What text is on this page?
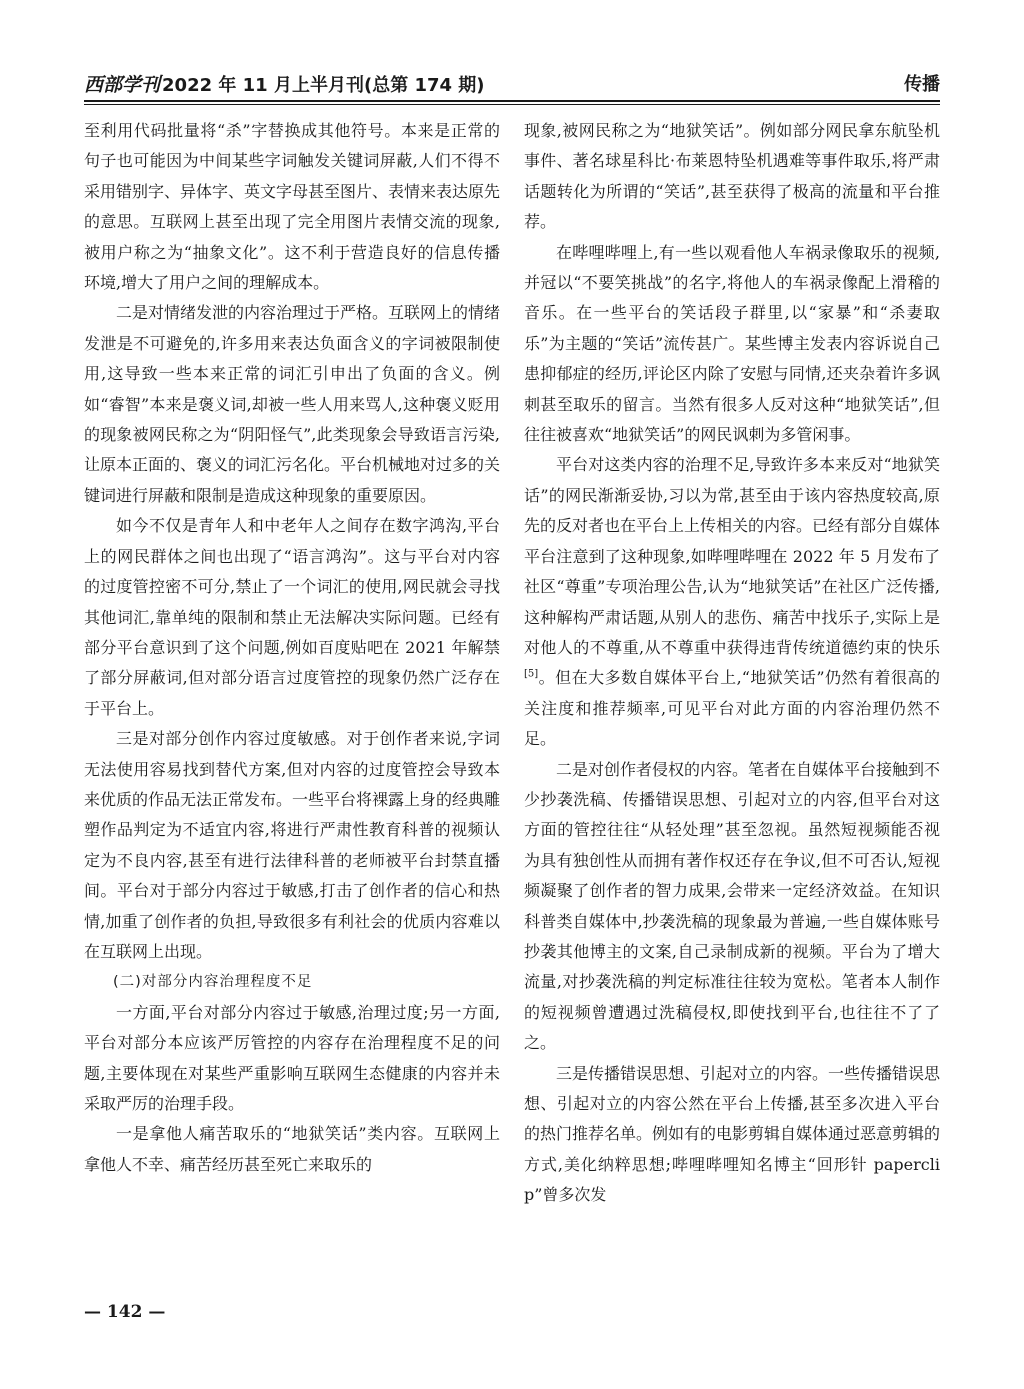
西部学刊 2022 年 11 月上半月刊(总第 174 期)	传播

至利用代码批量将“杀”字替换成其他符号。本来是正常的句子也可能因为中间某些字词触发关键词屏蔽,人们不得不采用错别字、异体字、英文字母甚至图片、表情来表达原先的意思。互联网上甚至出现了完全用图片表情交流的现象,被用户称之为“抽象文化”。这不利于营造良好的信息传播环境,增大了用户之间的理解成本。

二是对情绪发泄的内容治理过于严格。互联网上的情绪发泄是不可避免的,许多用来表达负面含义的字词被限制使用,这导致一些本来正常的词汇引申出了负面的含义。例如“睿智”本来是褒义词,却被一些人用来骂人,这种褒义贬用的现象被网民称之为“阴阳怪气”,此类现象会导致语言污染,让原本正面的、褒义的词汇污名化。平台机械地对过多的关键词进行屏蔽和限制是造成这种现象的重要原因。

如今不仅是青年人和中老年人之间存在数字鸿沟,平台上的网民群体之间也出现了“语言鸿沟”。这与平台对内容的过度管控密不可分,禁止了一个词汇的使用,网民就会寻找其他词汇,靠单纯的限制和禁止无法解决实际问题。已经有部分平台意识到了这个问题,例如百度贴吧在 2021 年解禁了部分屏蔽词,但对部分语言过度管控的现象仍然广泛存在于平台上。

三是对部分创作内容过度敏感。对于创作者来说,字词无法使用容易找到替代方案,但对内容的过度管控会导致本来优质的作品无法正常发布。一些平台将裸露上身的经典雕塑作品判定为不适宜内容,将进行严肃性教育科普的视频认定为不良内容,甚至有进行法律科普的老师被平台封禁直播间。平台对于部分内容过于敏感,打击了创作者的信心和热情,加重了创作者的负担,导致很多有利社会的优质内容难以在互联网上出现。

(二)对部分内容治理程度不足

一方面,平台对部分内容过于敏感,治理过度;另一方面,平台对部分本应该严厉管控的内容存在治理程度不足的问题,主要体现在对某些严重影响互联网生态健康的内容并未采取严厉的治理手段。

一是拿他人痛苦取乐的“地狱笑话”类内容。互联网上拿他人不幸、痛苦经历甚至死亡来取乐的

现象,被网民称之为“地狱笑话”。例如部分网民拿东航坠机事件、著名球星科比·布莱恩特坠机遇难等事件取乐,将严肃话题转化为所谓的“笑话”,甚至获得了极高的流量和平台推荐。

在哔哩哔哩上,有一些以观看他人车祸录像取乐的视频,并冠以“不要笑挑战”的名字,将他人的车祸录像配上滑稽的音乐。在一些平台的笑话段子群里,以“家暴”和“杀妻取乐”为主题的“笑话”流传甚广。某些博主发表内容诉说自己患抑郁症的经历,评论区内除了安慰与同情,还夹杂着许多讽刺甚至取乐的留言。当然有很多人反对这种“地狱笑话”,但往往被喜欢“地狱笑话”的网民讽刺为多管闲事。

平台对这类内容的治理不足,导致许多本来反对“地狱笑话”的网民渐渐妥协,习以为常,甚至由于该内容热度较高,原先的反对者也在平台上上传相关的内容。已经有部分自媒体平台注意到了这种现象,如哔哩哔哩在 2022 年 5 月发布了社区“尊重”专项治理公告,认为“地狱笑话”在社区广泛传播,这种解构严肃话题,从别人的悲伤、痛苦中找乐子,实际上是对他人的不尊重,从不尊重中获得违背传统道德约束的快乐[5]。但在大多数自媒体平台上,“地狱笑话”仍然有着很高的关注度和推荐频率,可见平台对此方面的内容治理仍然不足。

二是对创作者侵权的内容。笔者在自媒体平台接触到不少抄袭洗稿、传播错误思想、引起对立的内容,但平台对这方面的管控往往“从轻处理”甚至忽视。虽然短视频能否视为具有独创性从而拥有著作权还存在争议,但不可否认,短视频凝聚了创作者的智力成果,会带来一定经济效益。在知识科普类自媒体中,抄袭洗稿的现象最为普遍,一些自媒体账号抄袭其他博主的文案,自己录制成新的视频。平台为了增大流量,对抄袭洗稿的判定标准往往较为宽松。笔者本人制作的短视频曾遭遇过洗稿侵权,即使找到平台,也往往不了了之。

三是传播错误思想、引起对立的内容。一些传播错误思想、引起对立的内容公然在平台上传播,甚至多次进入平台的热门推荐名单。例如有的电影剪辑自媒体通过恶意剪辑的方式,美化纳粹思想;哔哩哔哩知名博主“回形针 paperclip”曾多次发

— 142 —
